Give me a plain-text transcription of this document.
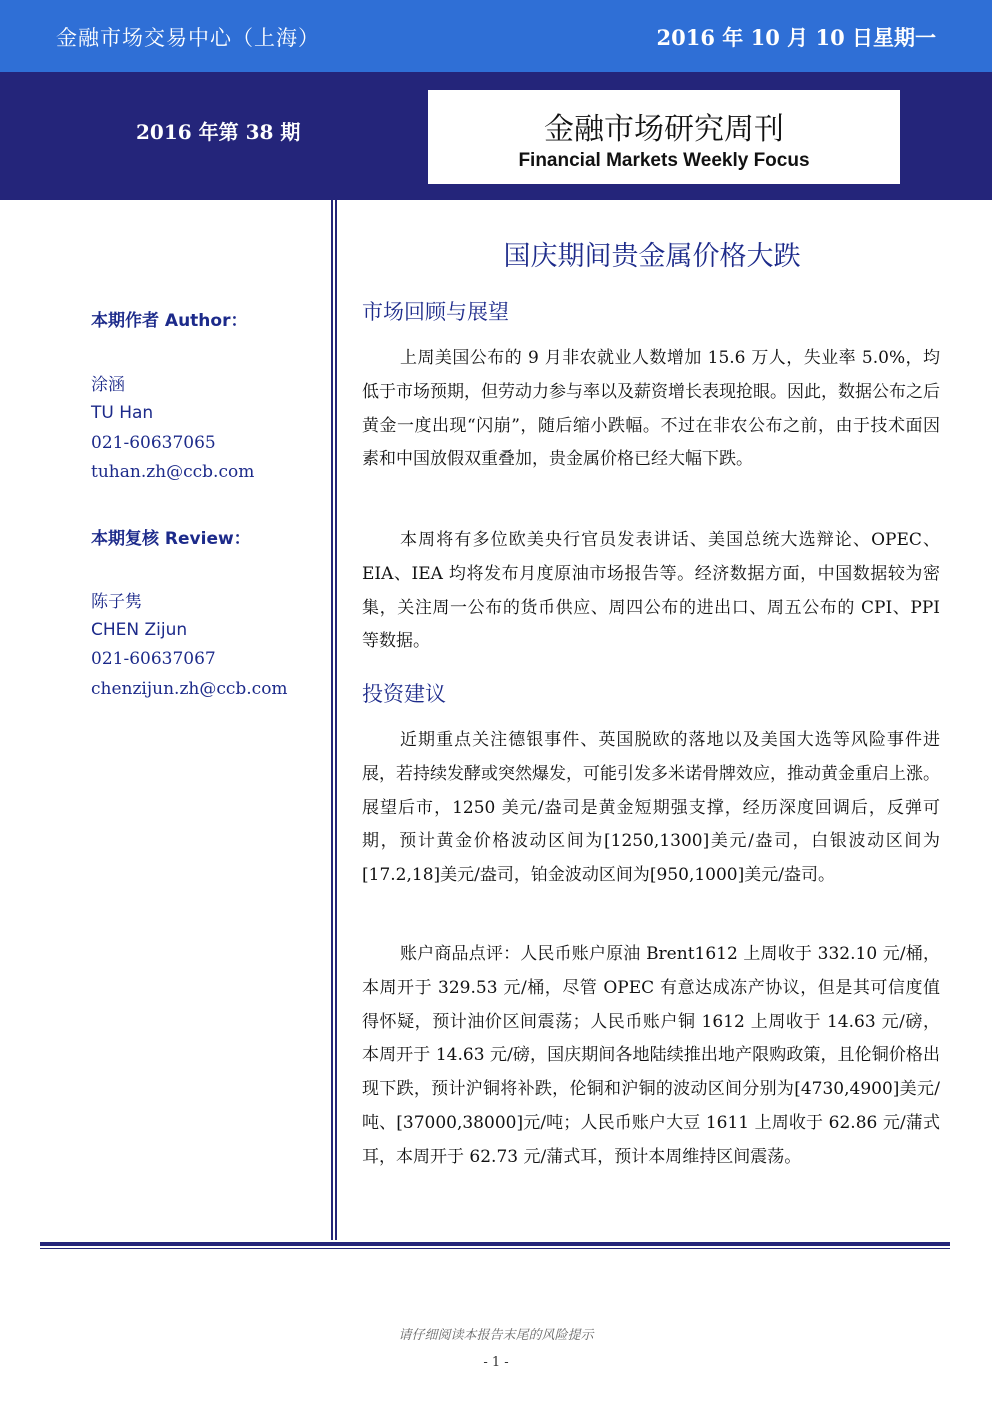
金融市场交易中心（上海）	2016 年 10 月 10 日星期一
2016 年第 38 期	金融市场研究周刊
Financial Markets Weekly Focus
本期作者 Author：
涂涵
TU Han
021-60637065
tuhan.zh@ccb.com
本期复核 Review：
陈子隽
CHEN Zijun
021-60637067
chenzijun.zh@ccb.com
国庆期间贵金属价格大跌
市场回顾与展望
上周美国公布的 9 月非农就业人数增加 15.6 万人，失业率 5.0%，均低于市场预期，但劳动力参与率以及薪资增长表现抢眼。因此，数据公布之后黄金一度出现“闪崩”，随后缩小跌幅。不过在非农公布之前，由于技术面因素和中国放假双重叠加，贵金属价格已经大幅下跌。
本周将有多位欧美央行官员发表讲话、美国总统大选辩论、OPEC、EIA、IEA 均将发布月度原油市场报告等。经济数据方面，中国数据较为密集，关注周一公布的货币供应、周四公布的进出口、周五公布的 CPI、PPI 等数据。
投资建议
近期重点关注德银事件、英国脱欧的落地以及美国大选等风险事件进展，若持续发酵或突然爆发，可能引发多米诺骨牌效应，推动黄金重启上涨。展望后市，1250 美元/盎司是黄金短期强支撑，经历深度回调后，反弹可期，预计黄金价格波动区间为[1250,1300]美元/盎司，白银波动区间为[17.2,18]美元/盎司，铂金波动区间为[950,1000]美元/盎司。
账户商品点评：人民币账户原油 Brent1612 上周收于 332.10 元/桶，本周开于 329.53 元/桶，尽管 OPEC 有意达成冻产协议，但是其可信度值得怀疑，预计油价区间震荡；人民币账户铜 1612 上周收于 14.63 元/磅，本周开于 14.63 元/磅，国庆期间各地陆续推出地产限购政策，且伦铜价格出现下跌，预计沪铜将补跌，伦铜和沪铜的波动区间分别为[4730,4900]美元/吨、[37000,38000]元/吨；人民币账户大豆 1611 上周收于 62.86 元/蒲式耳，本周开于 62.73 元/蒲式耳，预计本周维持区间震荡。
请仔细阅读本报告末尾的风险提示
- 1 -
